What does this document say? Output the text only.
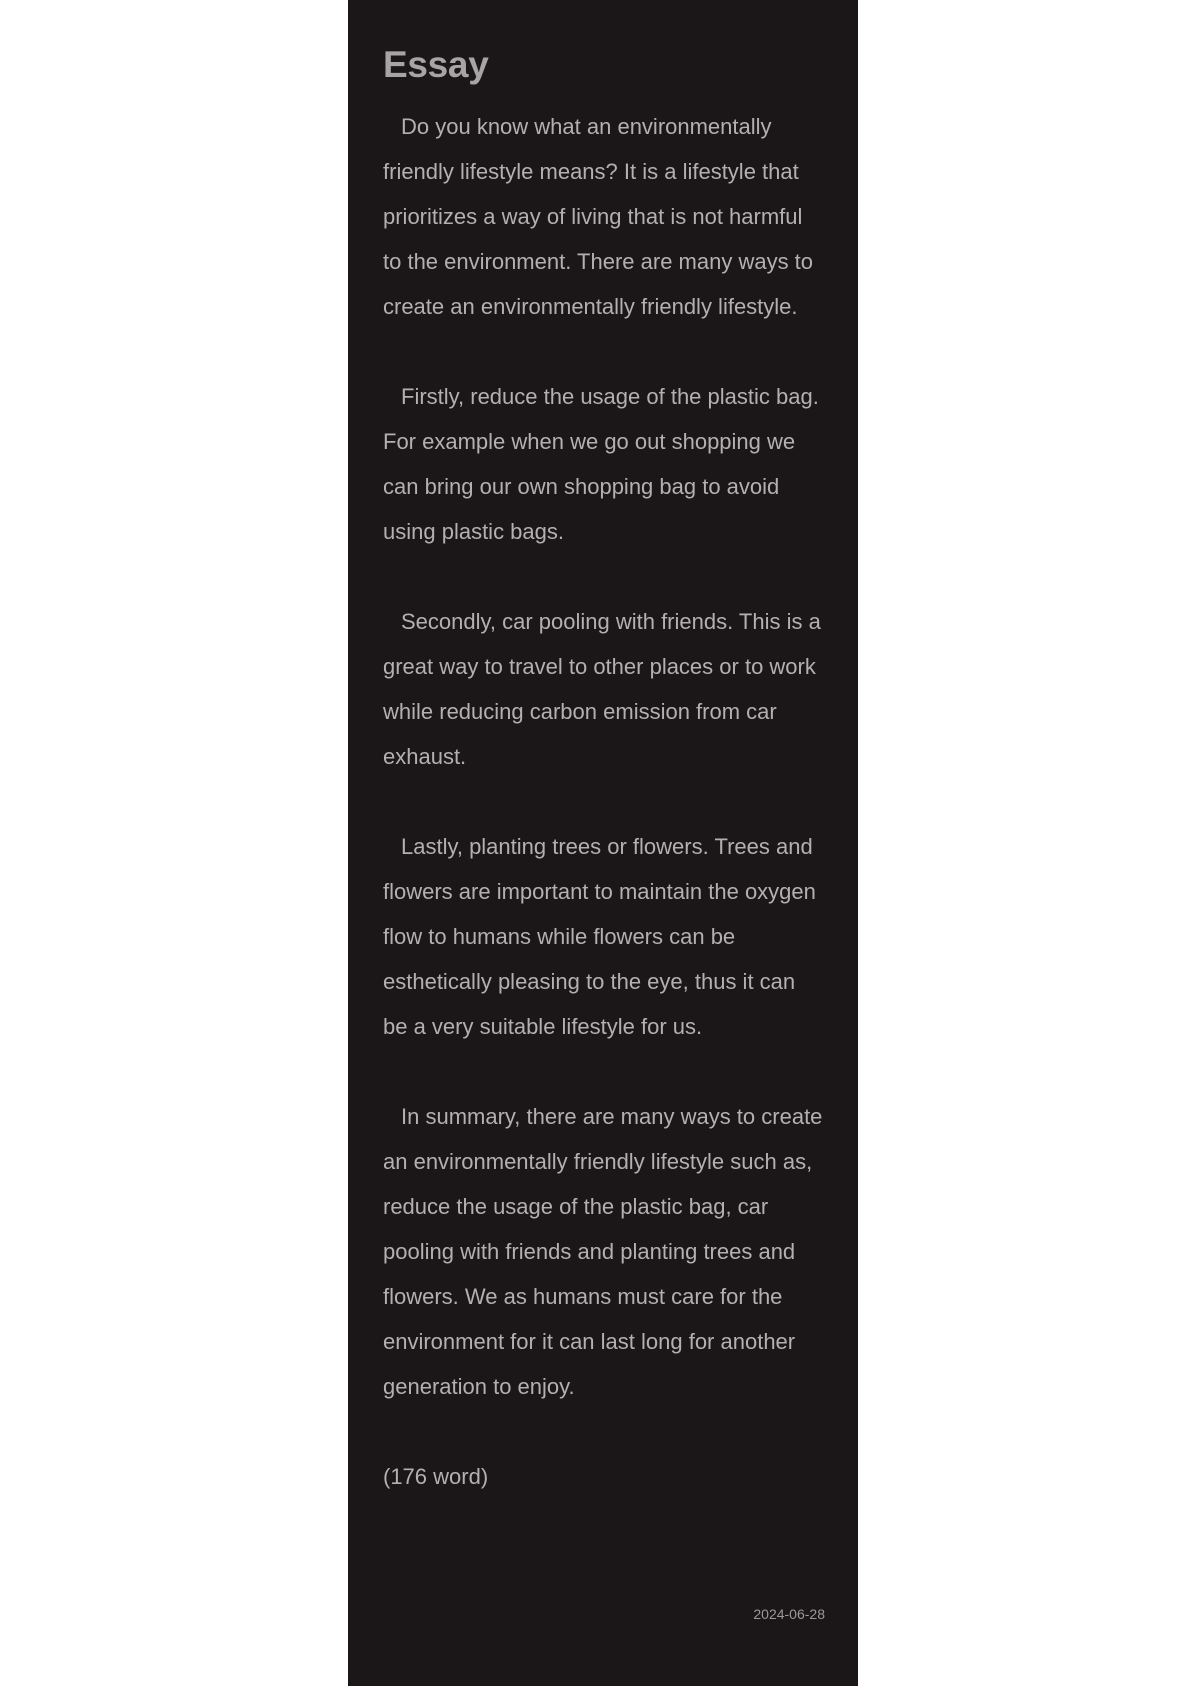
Essay

Do you know what an environmentally friendly lifestyle means? It is a lifestyle that prioritizes a way of living that is not harmful to the environment. There are many ways to create an environmentally friendly lifestyle.

Firstly, reduce the usage of the plastic bag. For example when we go out shopping we can bring our own shopping bag to avoid using plastic bags.

Secondly, car pooling with friends. This is a great way to travel to other places or to work while reducing carbon emission from car exhaust.

Lastly, planting trees or flowers. Trees and flowers are important to maintain the oxygen flow to humans while flowers can be esthetically pleasing to the eye, thus it can be a very suitable lifestyle for us.

In summary, there are many ways to create an environmentally friendly lifestyle such as, reduce the usage of the plastic bag, car pooling with friends and planting trees and flowers. We as humans must care for the environment for it can last long for another generation to enjoy.

(176 word)

2024-06-28
